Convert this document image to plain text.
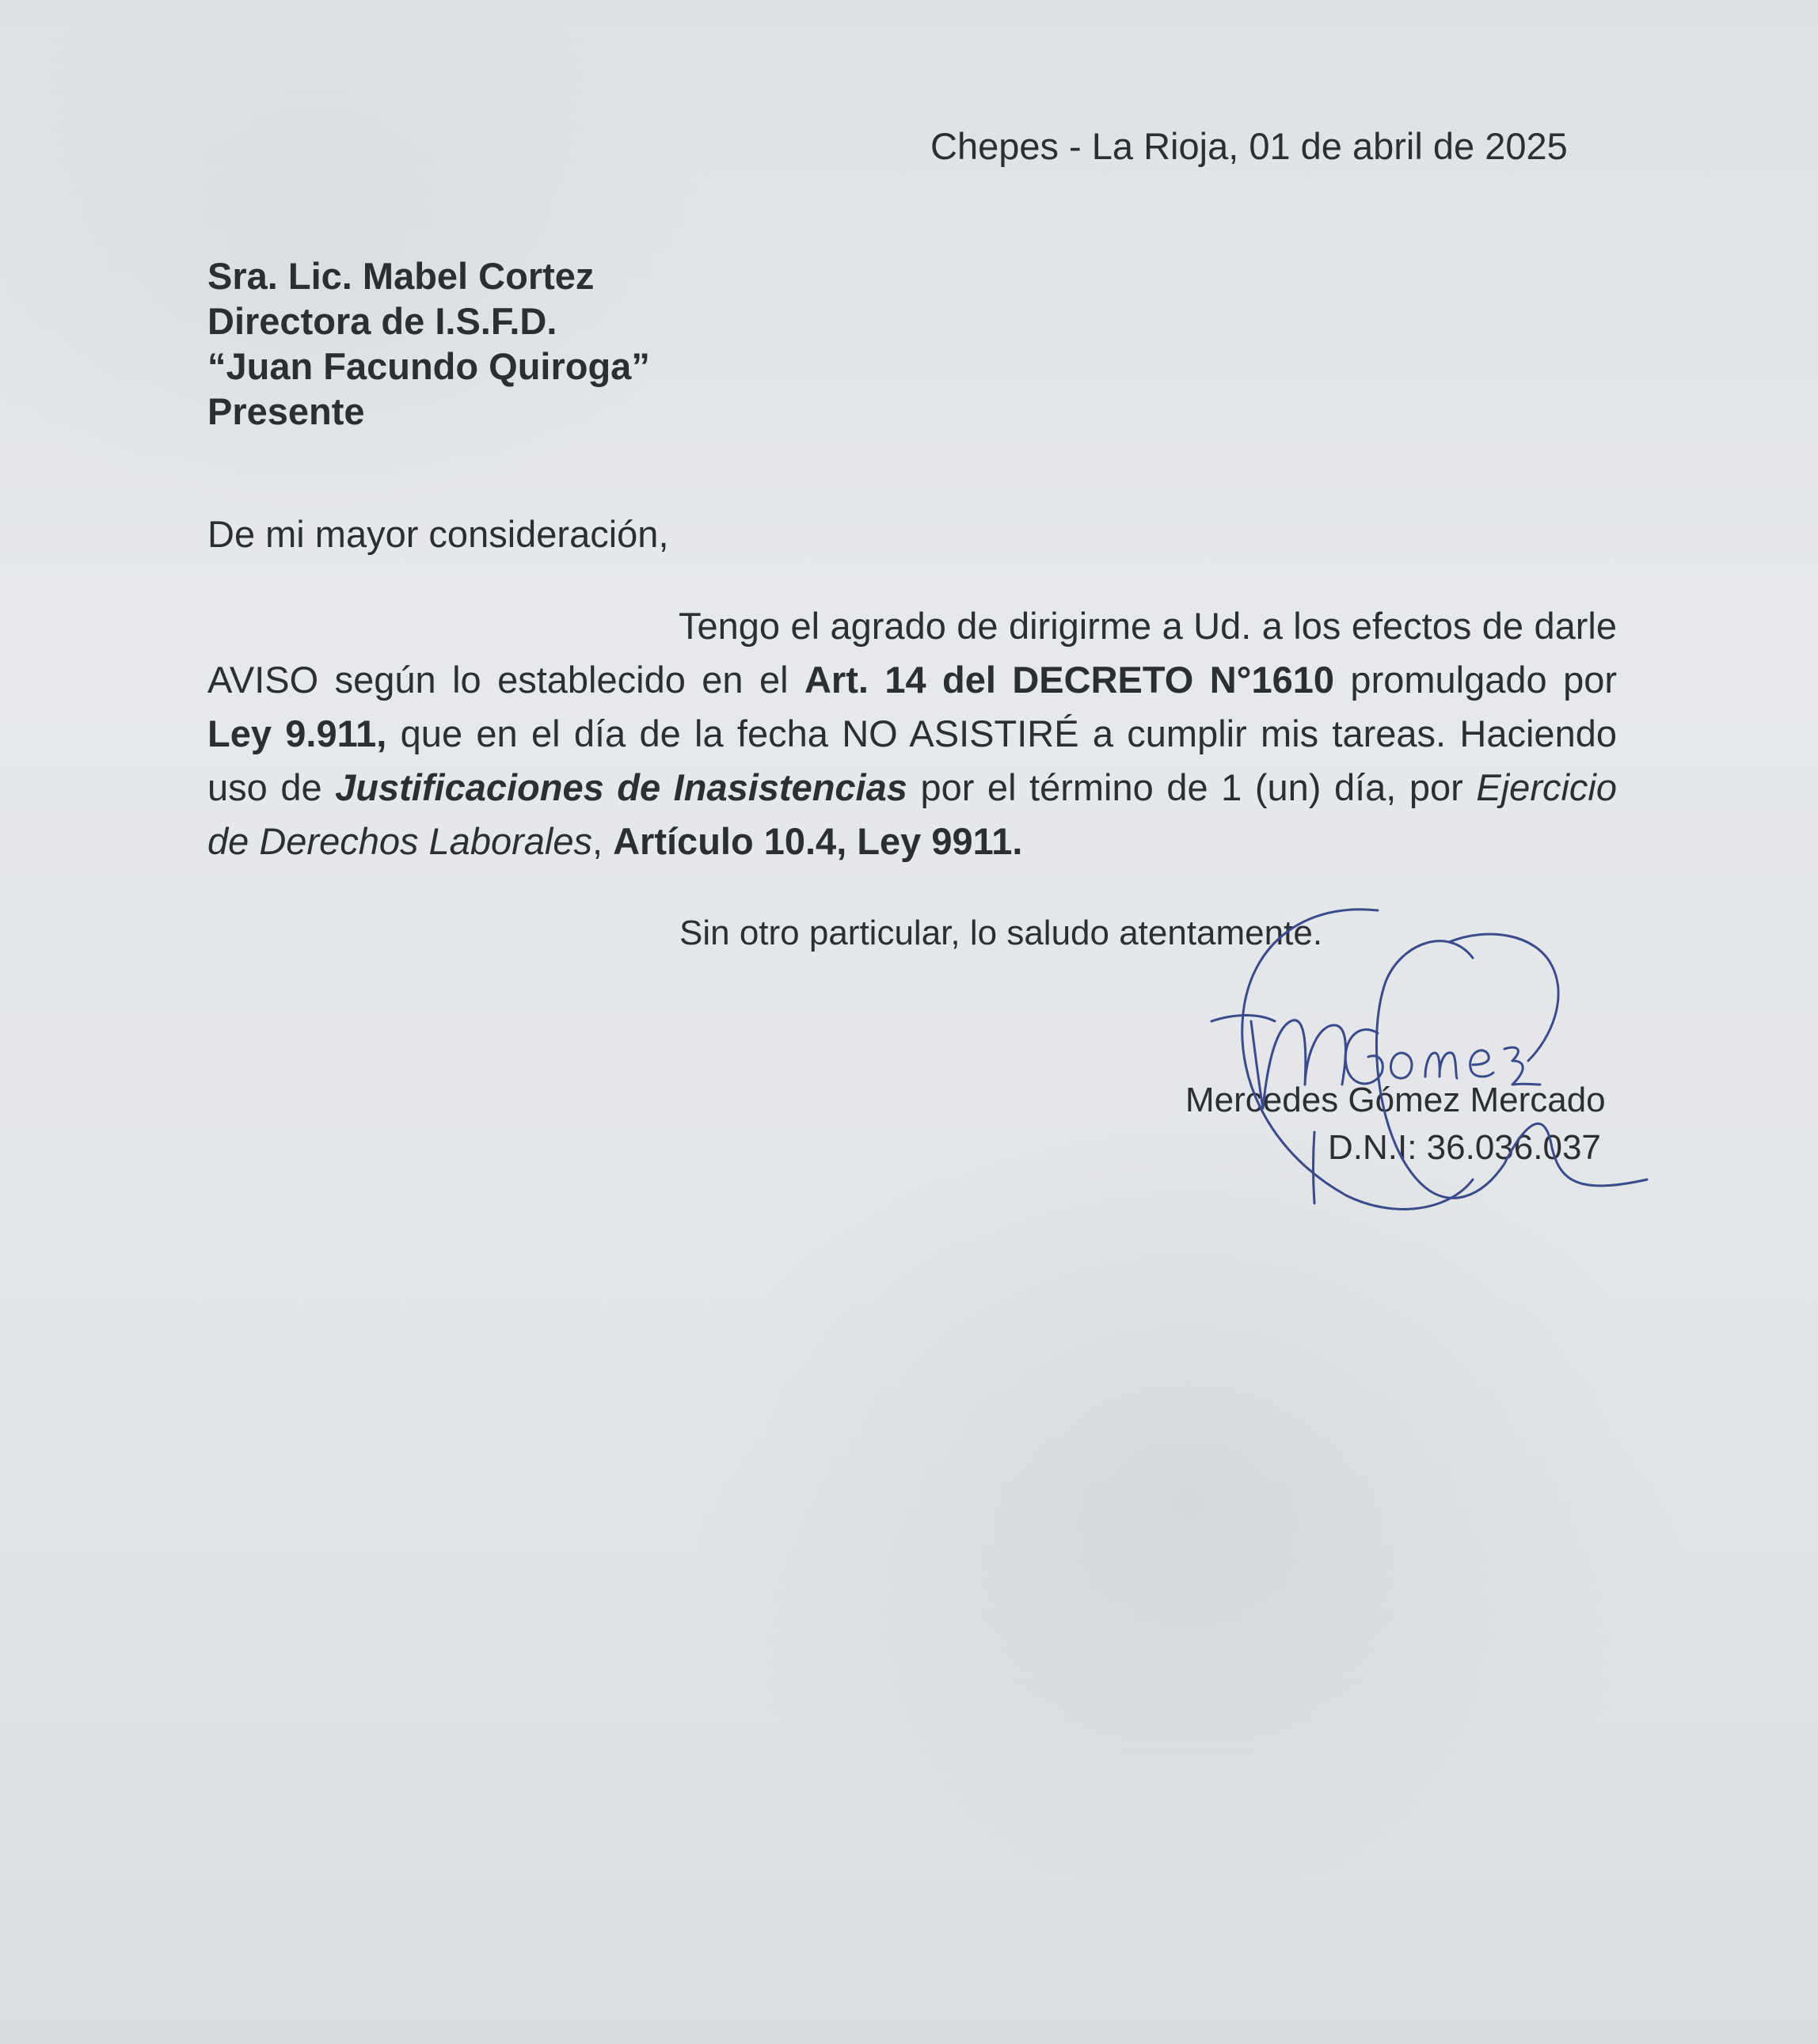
Chepes - La Rioja, 01 de abril de 2025
Sra. Lic. Mabel Cortez
Directora de I.S.F.D.
“Juan Facundo Quiroga”
Presente
De mi mayor consideración,
Tengo el agrado de dirigirme a Ud. a los efectos de darle AVISO según lo establecido en el Art. 14 del DECRETO N°1610 promulgado por Ley 9.911, que en el día de la fecha NO ASISTIRÉ a cumplir mis tareas. Haciendo uso de Justificaciones de Inasistencias por el término de 1 (un) día, por Ejercicio de Derechos Laborales, Artículo 10.4, Ley 9911.
Sin otro particular, lo saludo atentamente.
Mercedes Gómez Mercado
D.N.I: 36.036.037
